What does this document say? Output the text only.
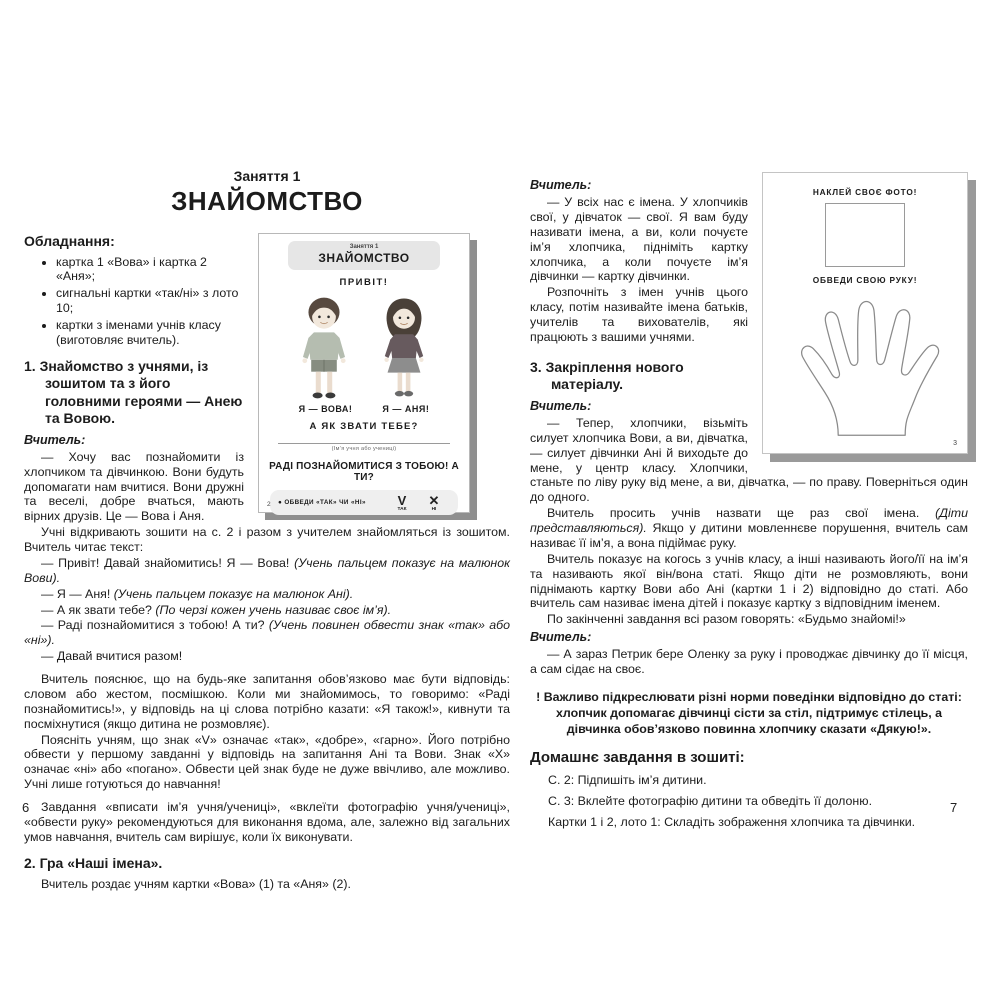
Заняття 1
ЗНАЙОМСТВО
Заняття 1
ЗНАЙОМСТВО
ПРИВІТ!
Я — ВОВА!	Я — АНЯ!
А ЯК ЗВАТИ ТЕБЕ?
(Ім’я учня або учениці)
РАДІ ПОЗНАЙОМИТИСЯ З ТОБОЮ! А ТИ?
● ОБВЕДИ «ТАК» ЧИ «НІ»	V
ТАК
✕
НІ
2
Обладнання:
• картка 1 «Вова» і картка 2 «Аня»;
• сигнальні картки «так/ні» з лото 10;
• картки з іменами учнів класу (виготовляє вчитель).
1. Знайомство з учнями, із зошитом та з його головними героями — Анею та Вовою.

Вчитель:

— Хочу вас познайомити із хлопчиком та дівчинкою. Вони будуть допомагати нам вчитися. Вони дружні та веселі, добре вчаться, мають вірних друзів. Це — Вова і Аня.

Учні відкривають зошити на с. 2 і разом з учителем знайомляться із зошитом. Вчитель читає текст:

— Привіт! Давай знайомитись! Я — Вова! (Учень пальцем показує на малюнок Вови).

— Я — Аня! (Учень пальцем показує на малюнок Ані).

— А як звати тебе? (По черзі кожен учень називає своє ім’я).

— Раді познайомитися з тобою! А ти? (Учень повинен обвести знак «так» або «ні»).

— Давай вчитися разом!

Вчитель пояснює, що на будь-яке запитання обов’язково має бути відповідь: словом або жестом, посмішкою. Коли ми знайомимось, то говоримо: «Раді познайомитись!», у відповідь на ці слова потрібно казати: «Я також!», кивнути та посміхнутися (якщо дитина не розмовляє).

Поясніть учням, що знак «V» означає «так», «добре», «гарно». Його потрібно обвести у першому завданні у відповідь на запитання Ані та Вови. Знак «X» означає «ні» або «погано». Обвести цей знак буде не дуже ввічливо, але можливо. Учні лише готуються до навчання!

Завдання «вписати ім’я учня/учениці», «вклеїти фотографію учня/учениці», «обвести руку» рекомендуються для виконання вдома, але, залежно від загальних умов навчання, вчитель сам вирішує, коли їх виконувати.

2. Гра «Наші імена».

Вчитель роздає учням картки «Вова» (1) та «Аня» (2).

НАКЛЕЙ СВОЄ ФОТО!
ОБВЕДИ СВОЮ РУКУ!
3

Вчитель:

— У всіх нас є імена. У хлопчиків свої, у дівчаток — свої. Я вам буду називати імена, а ви, коли почуєте ім’я хлопчика, підніміть картку хлопчика, а коли почуєте ім’я дівчинки — картку дівчинки.

Розпочніть з імен учнів цього класу, потім називайте імена батьків, учителів та вихователів, які працюють з вашими учнями.

3. Закріплення нового матеріалу.

Вчитель:

— Тепер, хлопчики, візьміть силует хлопчика Вови, а ви, дівчатка, — силует дівчинки Ані й виходьте до мене, у центр класу. Хлопчики, станьте по ліву руку від мене, а ви, дівчатка, — по праву. Поверніться один до одного.

Вчитель просить учнів назвати ще раз свої імена. (Діти представляються). Якщо у дитини мовленнєве порушення, вчитель сам називає її ім’я, а вона підіймає руку.

Вчитель показує на когось з учнів класу, а інші називають його/її на ім’я та називають якої він/вона статі. Якщо діти не розмовляють, вони піднімають картку Вови або Ані (картки 1 і 2) відповідно до статі. Або вчитель сам називає імена дітей і показує картку з відповідним іменем.

По закінченні завдання всі разом говорять: «Будьмо знайомі!»

Вчитель:

— А зараз Петрик бере Оленку за руку і проводжає дівчинку до її місця, а сам сідає на своє.

! Важливо підкреслювати різні норми поведінки відповідно до статі: хлопчик допомагає дівчинці сісти за стіл, підтримує стілець, а дівчинка обов’язково повинна хлопчику сказати «Дякую!».

Домашнє завдання в зошиті:

С. 2: Підпишіть ім’я дитини.

С. 3: Вклейте фотографію дитини та обведіть її долоню.

Картки 1 і 2, лото 1: Складіть зображення хлопчика та дівчинки.

6	7
